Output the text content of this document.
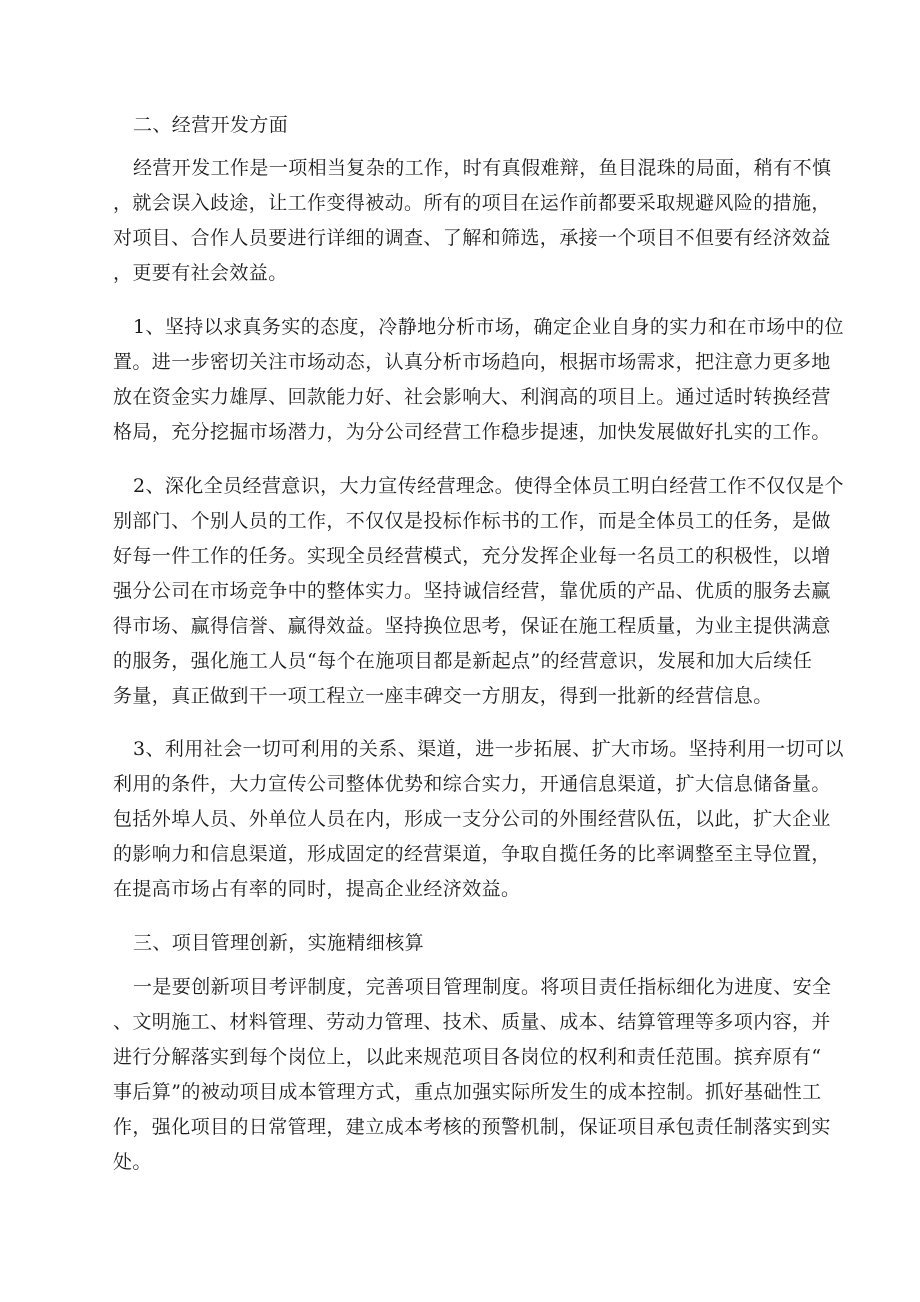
二、经营开发方面

经营开发工作是一项相当复杂的工作，时有真假难辩，鱼目混珠的局面，稍有不慎
，就会误入歧途，让工作变得被动。所有的项目在运作前都要采取规避风险的措施，
对项目、合作人员要进行详细的调查、了解和筛选，承接一个项目不但要有经济效益
，更要有社会效益。

1、坚持以求真务实的态度，冷静地分析市场，确定企业自身的实力和在市场中的位
置。进一步密切关注市场动态，认真分析市场趋向，根据市场需求，把注意力更多地
放在资金实力雄厚、回款能力好、社会影响大、利润高的项目上。通过适时转换经营
格局，充分挖掘市场潜力，为分公司经营工作稳步提速，加快发展做好扎实的工作。

2、深化全员经营意识，大力宣传经营理念。使得全体员工明白经营工作不仅仅是个
别部门、个别人员的工作，不仅仅是投标作标书的工作，而是全体员工的任务，是做
好每一件工作的任务。实现全员经营模式，充分发挥企业每一名员工的积极性，以增
强分公司在市场竞争中的整体实力。坚持诚信经营，靠优质的产品、优质的服务去赢
得市场、赢得信誉、赢得效益。坚持换位思考，保证在施工程质量，为业主提供满意
的服务，强化施工人员“每个在施项目都是新起点”的经营意识，发展和加大后续任
务量，真正做到干一项工程立一座丰碑交一方朋友，得到一批新的经营信息。

3、利用社会一切可利用的关系、渠道，进一步拓展、扩大市场。坚持利用一切可以
利用的条件，大力宣传公司整体优势和综合实力，开通信息渠道，扩大信息储备量。
包括外埠人员、外单位人员在内，形成一支分公司的外围经营队伍，以此，扩大企业
的影响力和信息渠道，形成固定的经营渠道，争取自揽任务的比率调整至主导位置，
在提高市场占有率的同时，提高企业经济效益。

三、项目管理创新，实施精细核算

一是要创新项目考评制度，完善项目管理制度。将项目责任指标细化为进度、安全
、文明施工、材料管理、劳动力管理、技术、质量、成本、结算管理等多项内容，并
进行分解落实到每个岗位上，以此来规范项目各岗位的权利和责任范围。摈弃原有“
事后算”的被动项目成本管理方式，重点加强实际所发生的成本控制。抓好基础性工
作，强化项目的日常管理，建立成本考核的预警机制，保证项目承包责任制落实到实
处。
